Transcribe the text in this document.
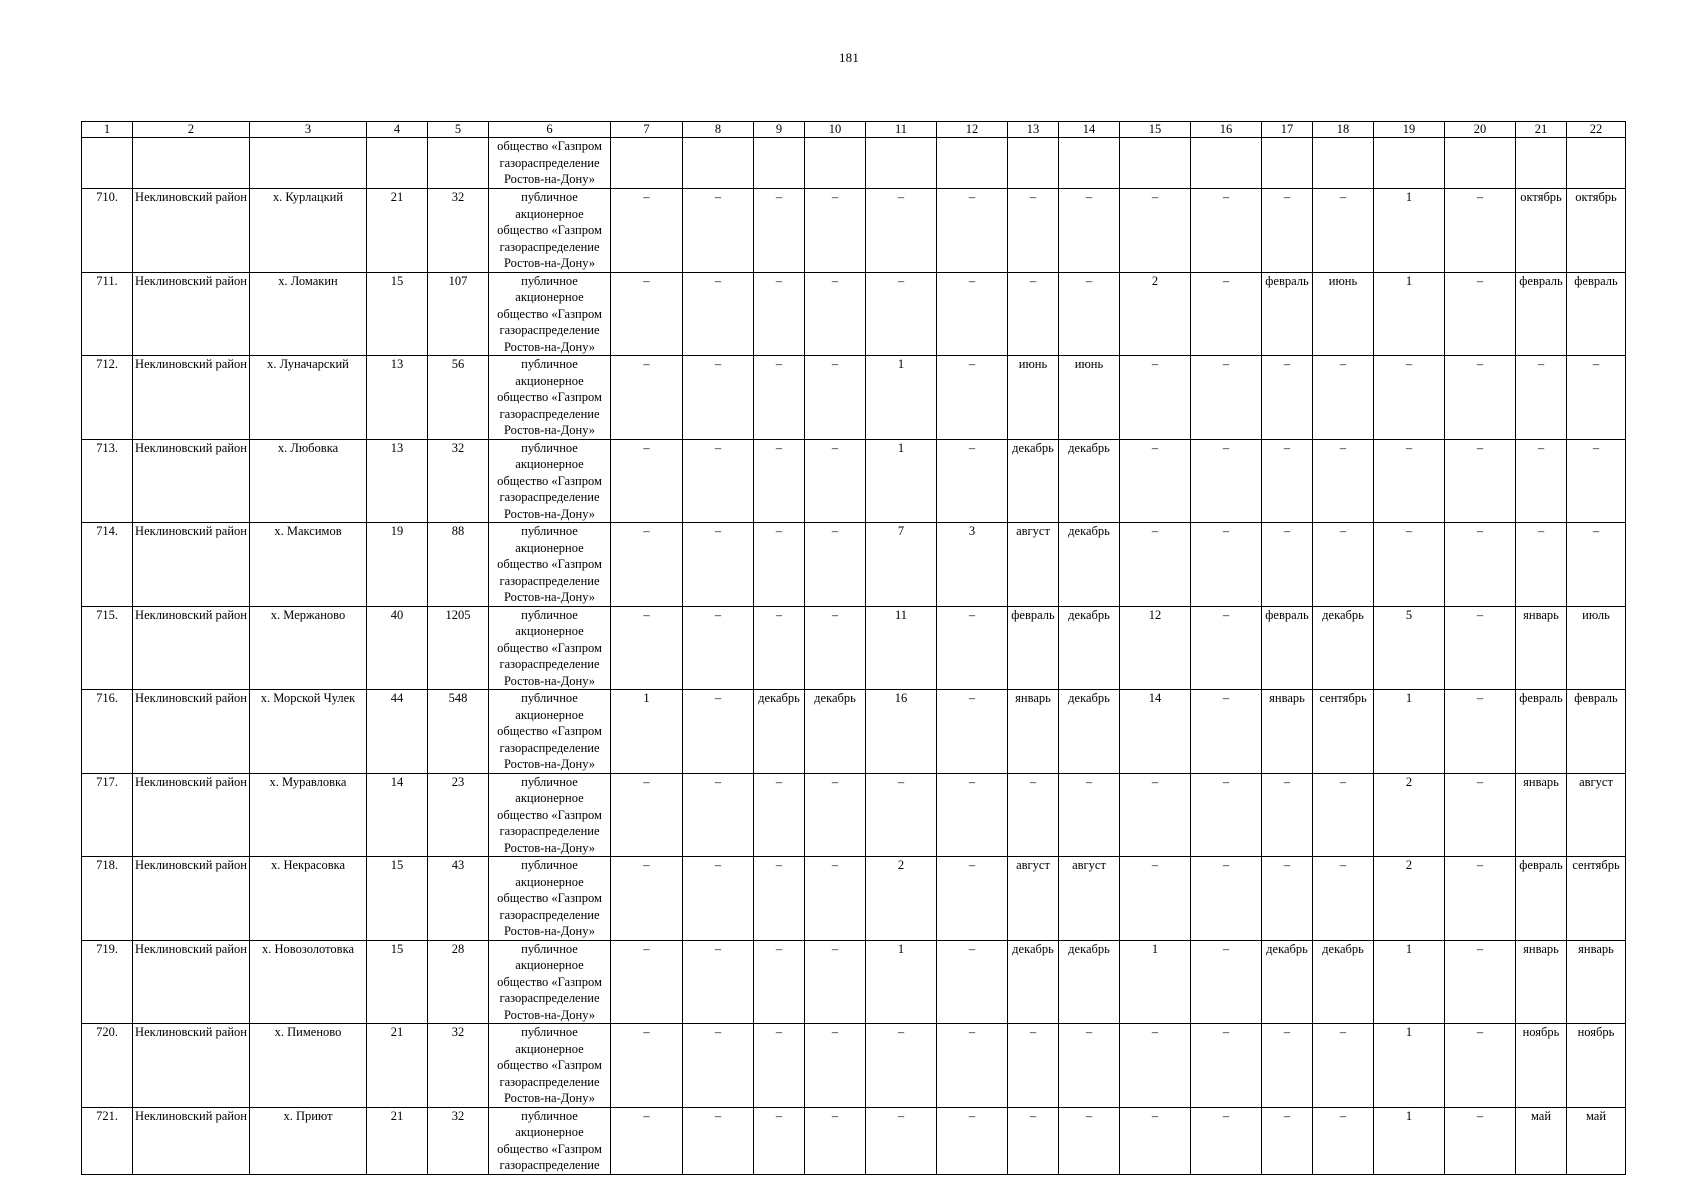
181
1	2	3	4	5	6	7	8	9	10	11	12	13	14	15	16	17	18	19	20	21	22
					общество «Газпром газораспределение Ростов-на-Дону»																
710.	Неклиновский район	х. Курлацкий	21	32	публичное акционерное общество «Газпром газораспределение Ростов-на-Дону»	–	–	–	–	–	–	–	–	–	–	–	–	1	–	октябрь	октябрь
711.	Неклиновский район	х. Ломакин	15	107	публичное акционерное общество «Газпром газораспределение Ростов-на-Дону»	–	–	–	–	–	–	–	–	2	–	февраль	июнь	1	–	февраль	февраль
712.	Неклиновский район	х. Луначарский	13	56	публичное акционерное общество «Газпром газораспределение Ростов-на-Дону»	–	–	–	–	1	–	июнь	июнь	–	–	–	–	–	–	–	–
713.	Неклиновский район	х. Любовка	13	32	публичное акционерное общество «Газпром газораспределение Ростов-на-Дону»	–	–	–	–	1	–	декабрь	декабрь	–	–	–	–	–	–	–	–
714.	Неклиновский район	х. Максимов	19	88	публичное акционерное общество «Газпром газораспределение Ростов-на-Дону»	–	–	–	–	7	3	август	декабрь	–	–	–	–	–	–	–	–
715.	Неклиновский район	х. Мержаново	40	1205	публичное акционерное общество «Газпром газораспределение Ростов-на-Дону»	–	–	–	–	11	–	февраль	декабрь	12	–	февраль	декабрь	5	–	январь	июль
716.	Неклиновский район	х. Морской Чулек	44	548	публичное акционерное общество «Газпром газораспределение Ростов-на-Дону»	1	–	декабрь	декабрь	16	–	январь	декабрь	14	–	январь	сентябрь	1	–	февраль	февраль
717.	Неклиновский район	х. Муравловка	14	23	публичное акционерное общество «Газпром газораспределение Ростов-на-Дону»	–	–	–	–	–	–	–	–	–	–	–	–	2	–	январь	август
718.	Неклиновский район	х. Некрасовка	15	43	публичное акционерное общество «Газпром газораспределение Ростов-на-Дону»	–	–	–	–	2	–	август	август	–	–	–	–	2	–	февраль	сентябрь
719.	Неклиновский район	х. Новозолотовка	15	28	публичное акционерное общество «Газпром газораспределение Ростов-на-Дону»	–	–	–	–	1	–	декабрь	декабрь	1	–	декабрь	декабрь	1	–	январь	январь
720.	Неклиновский район	х. Пименово	21	32	публичное акционерное общество «Газпром газораспределение Ростов-на-Дону»	–	–	–	–	–	–	–	–	–	–	–	–	1	–	ноябрь	ноябрь
721.	Неклиновский район	х. Приют	21	32	публичное акционерное общество «Газпром газораспределение	–	–	–	–	–	–	–	–	–	–	–	–	1	–	май	май
